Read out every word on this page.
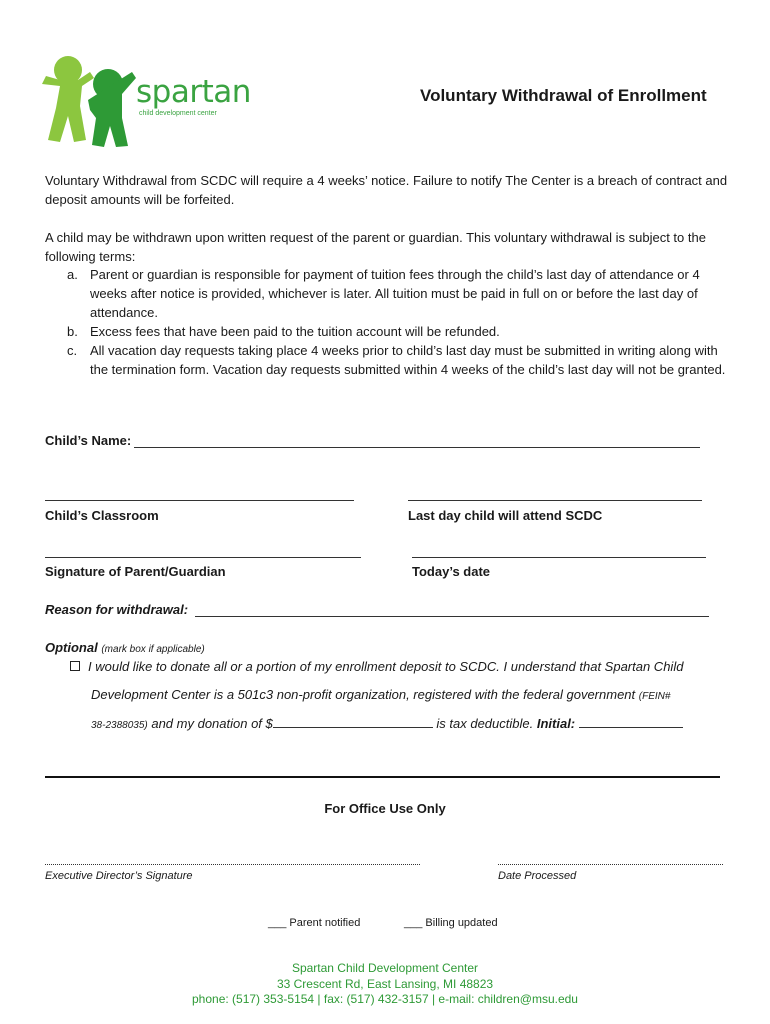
spartan
child development center
Voluntary Withdrawal of Enrollment
Voluntary Withdrawal from SCDC will require a 4 weeks’ notice. Failure to notify The Center is a breach of contract and deposit amounts will be forfeited.
A child may be withdrawn upon written request of the parent or guardian. This voluntary withdrawal is subject to the following terms:
a. Parent or guardian is responsible for payment of tuition fees through the child’s last day of attendance or 4 weeks after notice is provided, whichever is later. All tuition must be paid in full on or before the last day of attendance.
b. Excess fees that have been paid to the tuition account will be refunded.
c. All vacation day requests taking place 4 weeks prior to child’s last day must be submitted in writing along with the termination form. Vacation day requests submitted within 4 weeks of the child’s last day will not be granted.
Child’s Name:
Child’s Classroom	Last day child will attend SCDC
Signature of Parent/Guardian	Today’s date
Reason for withdrawal:
Optional (mark box if applicable)
I would like to donate all or a portion of my enrollment deposit to SCDC. I understand that Spartan Child
Development Center is a 501c3 non-profit organization, registered with the federal government (FEIN#
38-2388035) and my donation of $	is tax deductible. Initial:
For Office Use Only
Executive Director’s Signature	Date Processed
___ Parent notified	___ Billing updated
Spartan Child Development Center
33 Crescent Rd, East Lansing, MI 48823
phone: (517) 353-5154 | fax: (517) 432-3157 | e-mail: children@msu.edu
